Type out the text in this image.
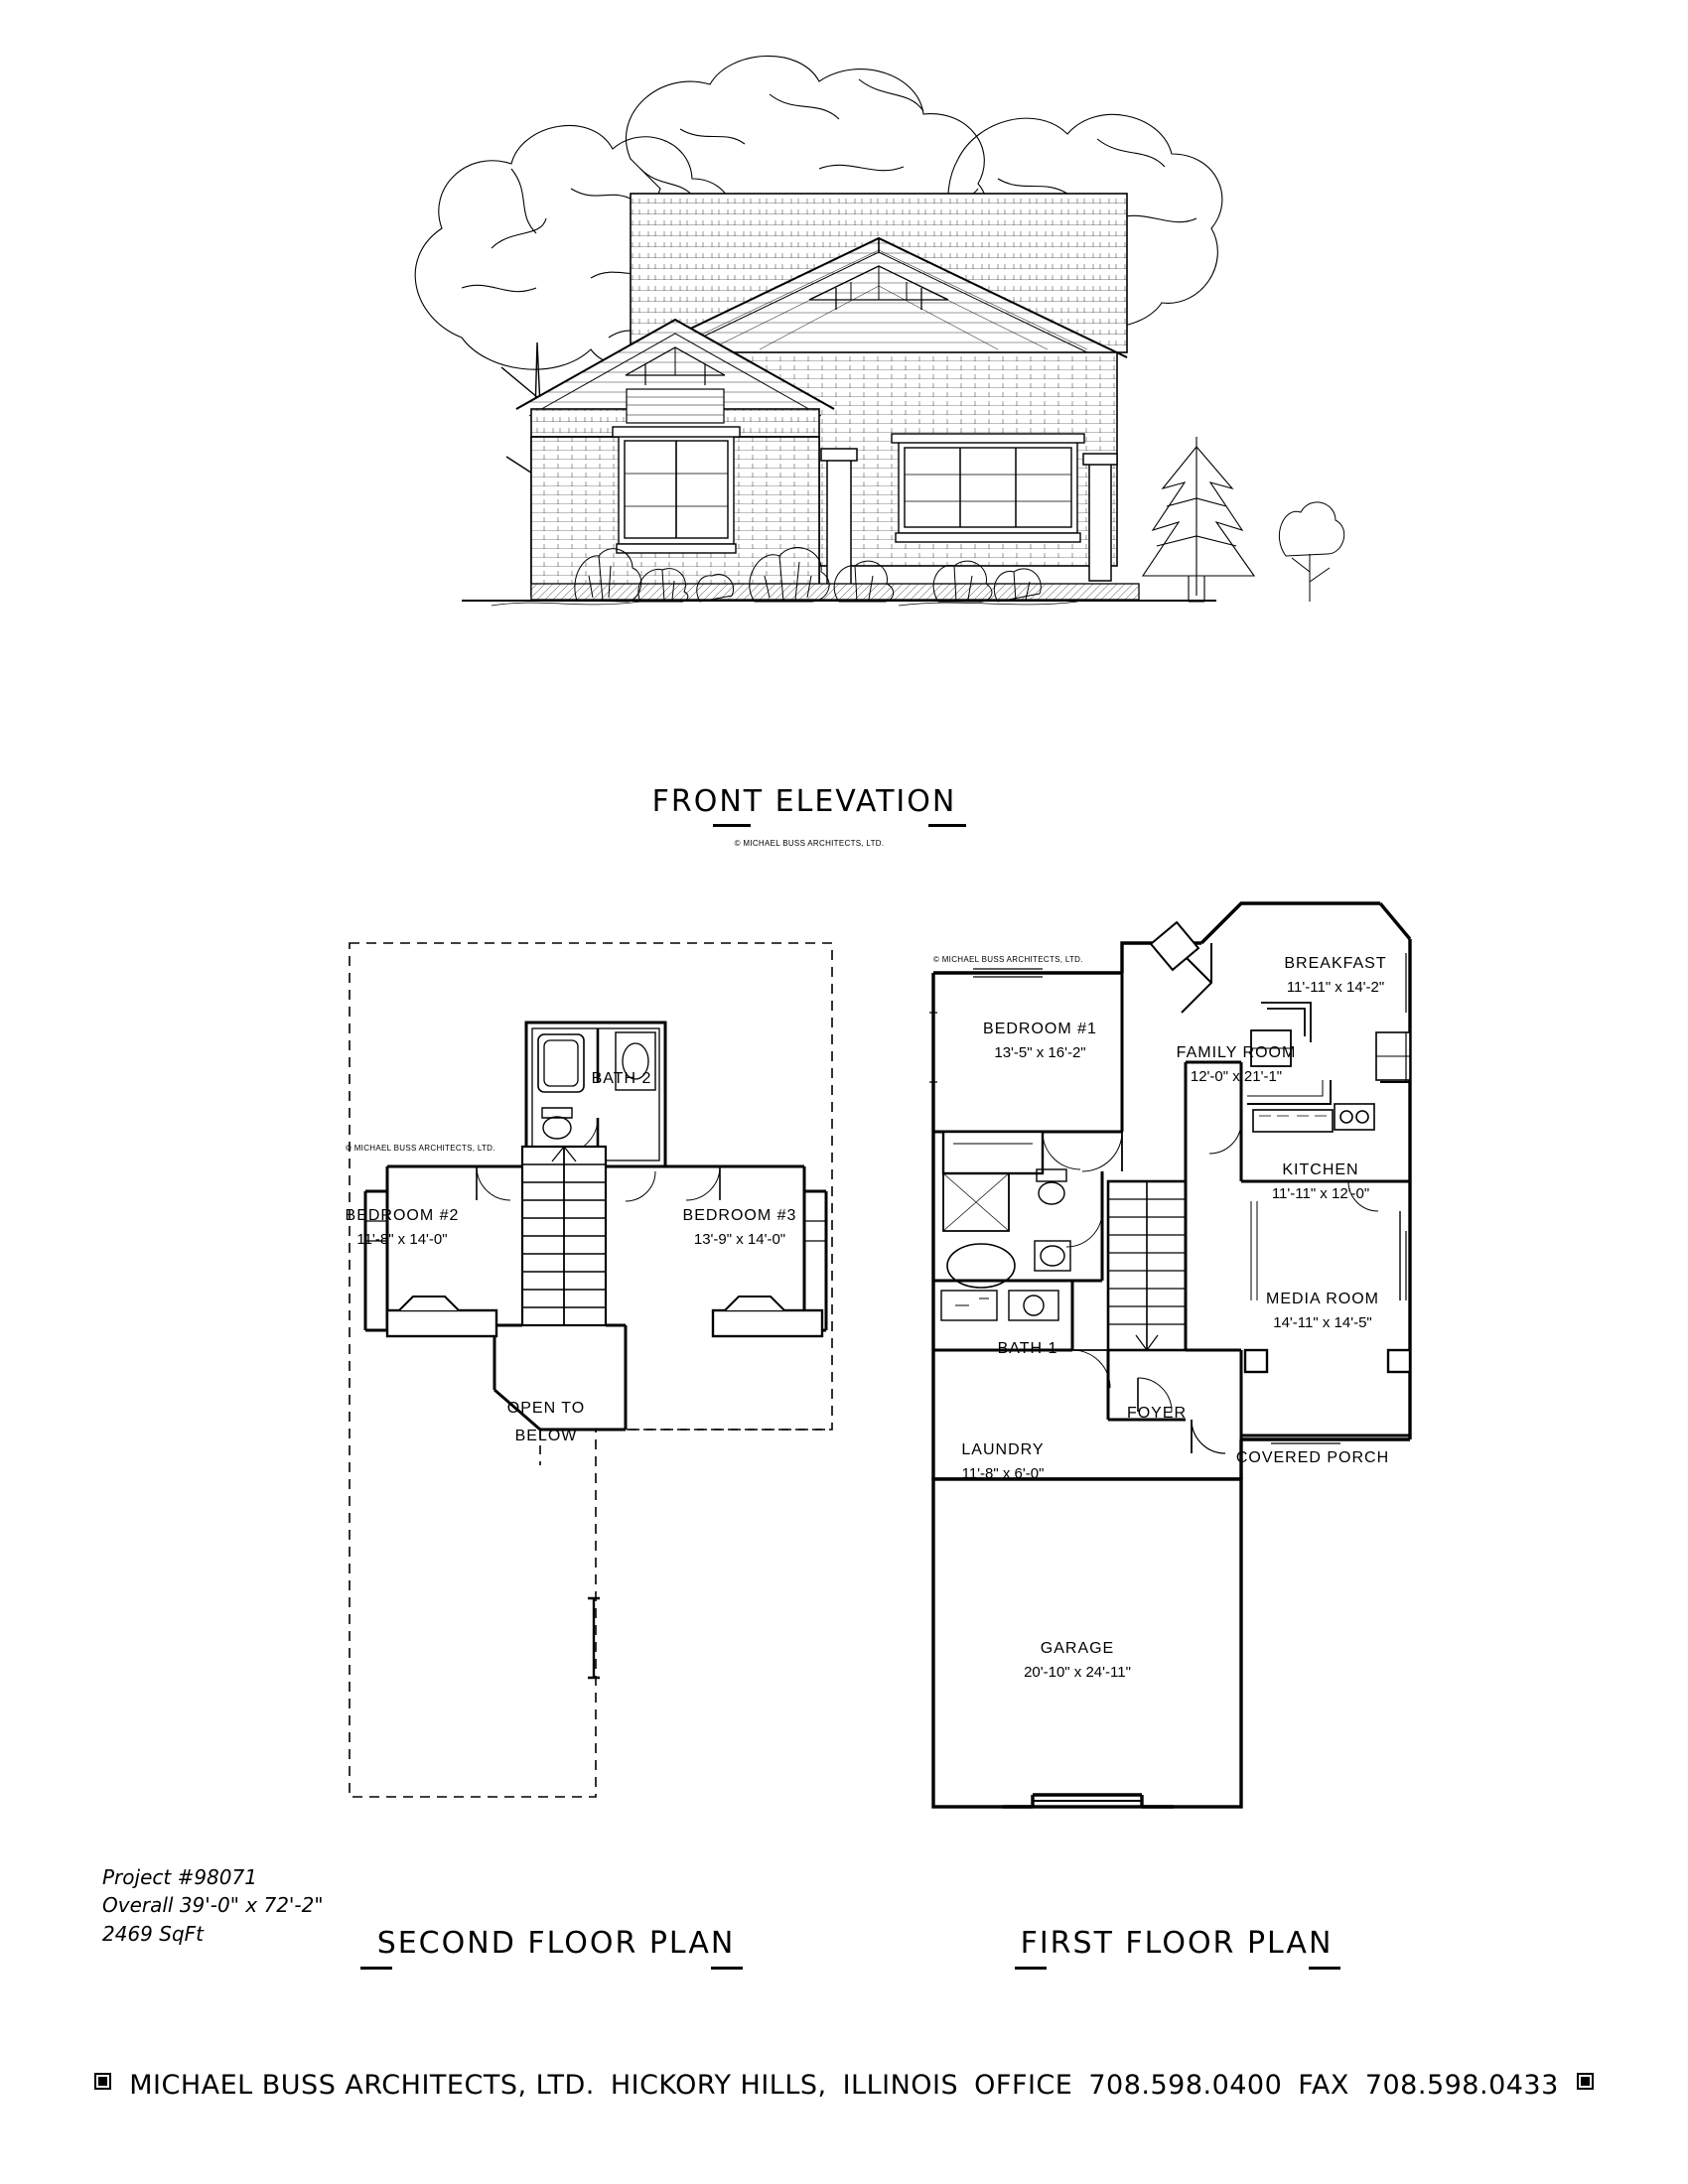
FRONT ELEVATION
© MICHAEL BUSS ARCHITECTS, LTD.
© MICHAEL BUSS ARCHITECTS, LTD.
BATH 2
BEDROOM #2
11'-8" x 14'-0"
BEDROOM #3
13'-9" x 14'-0"
OPEN TO
BELOW
© MICHAEL BUSS ARCHITECTS, LTD.	BREAKFAST
11'-11" x 14'-2"
BEDROOM #1
13'-5" x 16'-2"	FAMILY ROOM
12'-0" x 21'-1"
KITCHEN
11'-11" x 12'-0"
MEDIA ROOM
14'-11" x 14'-5"
BATH 1
FOYER
COVERED PORCH
LAUNDRY
11'-8" x 6'-0"
GARAGE
20'-10" x 24'-11"
Project #98071
Overall 39'-0" x 72'-2"
2469 SqFt	SECOND FLOOR PLAN	FIRST FLOOR PLAN
MICHAEL BUSS ARCHITECTS, LTD. HICKORY HILLS, ILLINOIS OFFICE 708.598.0400 FAX 708.598.0433
